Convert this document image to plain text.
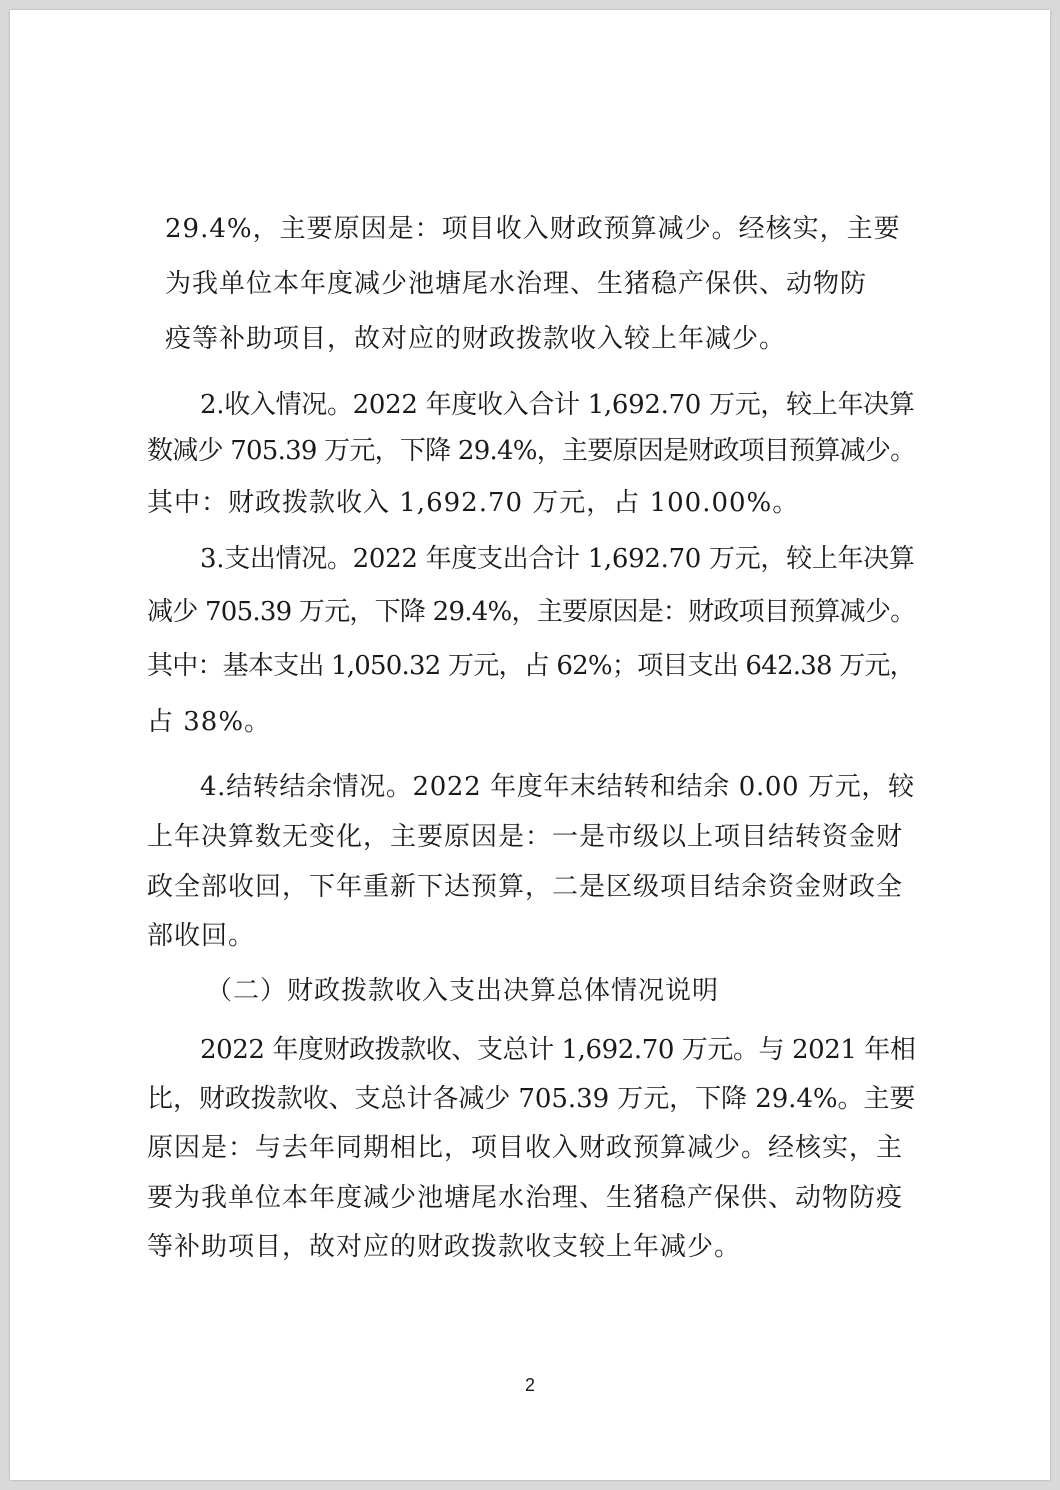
29.4%，主要原因是：项目收入财政预算减少。经核实，主要
为我单位本年度减少池塘尾水治理、生猪稳产保供、动物防
疫等补助项目，故对应的财政拨款收入较上年减少。
2.收入情况。2022 年度收入合计 1,692.70 万元，较上年决算
数减少 705.39 万元，下降 29.4%，主要原因是财政项目预算减少。
其中：财政拨款收入 1,692.70 万元，占 100.00%。
3.支出情况。2022 年度支出合计 1,692.70 万元，较上年决算
减少 705.39 万元，下降 29.4%，主要原因是：财政项目预算减少。
其中：基本支出 1,050.32 万元，占 62%；项目支出 642.38 万元，
占 38%。
4.结转结余情况。2022 年度年末结转和结余 0.00 万元，较
上年决算数无变化，主要原因是：一是市级以上项目结转资金财
政全部收回，下年重新下达预算，二是区级项目结余资金财政全
部收回。
（二）财政拨款收入支出决算总体情况说明
2022 年度财政拨款收、支总计 1,692.70 万元。与 2021 年相
比，财政拨款收、支总计各减少 705.39 万元，下降 29.4%。主要
原因是：与去年同期相比，项目收入财政预算减少。经核实，主
要为我单位本年度减少池塘尾水治理、生猪稳产保供、动物防疫
等补助项目，故对应的财政拨款收支较上年减少。
2
